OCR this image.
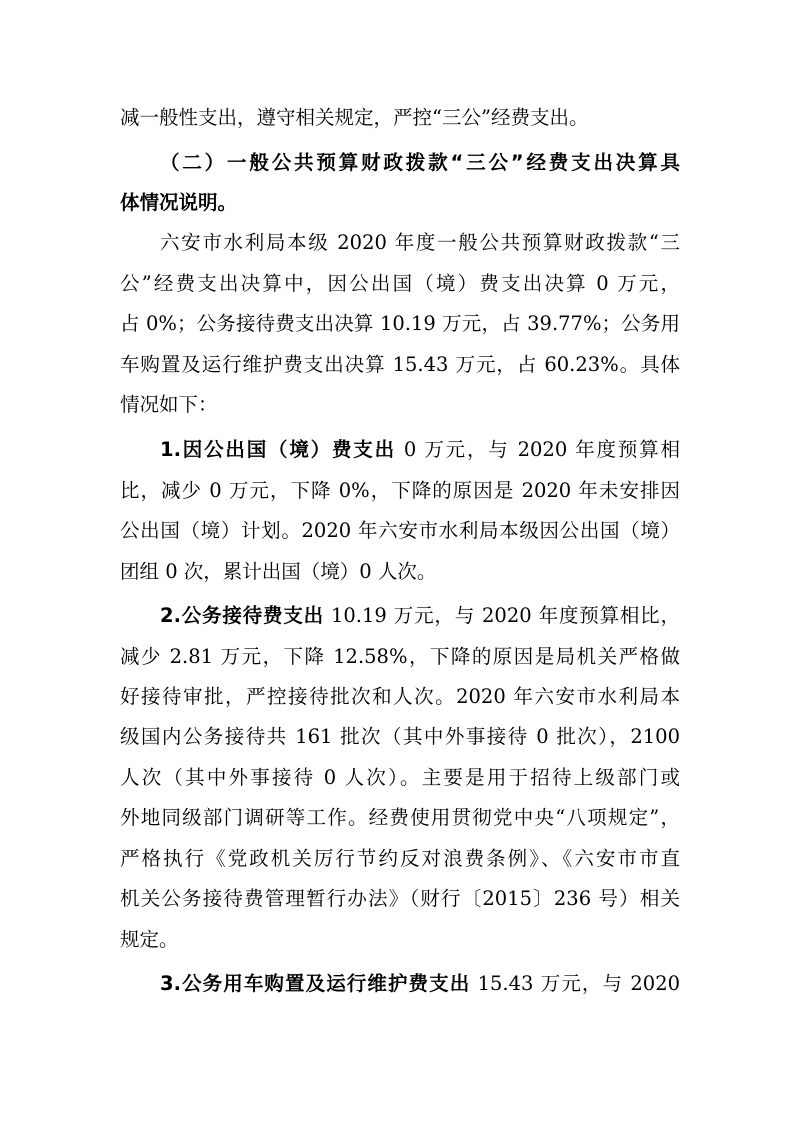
减一般性支出，遵守相关规定，严控“三公”经费支出。

（二）一般公共预算财政拨款“三公”经费支出决算具

体情况说明。

六安市水利局本级 2020 年度一般公共预算财政拨款“三

公”经费支出决算中，因公出国（境）费支出决算 0 万元，

占 0%；公务接待费支出决算 10.19 万元，占 39.77%；公务用

车购置及运行维护费支出决算 15.43 万元，占 60.23%。具体

情况如下：

1.因公出国（境）费支出 0 万元，与 2020 年度预算相

比，减少 0 万元，下降 0%，下降的原因是 2020 年未安排因

公出国（境）计划。2020 年六安市水利局本级因公出国（境）

团组 0 次，累计出国（境）0 人次。

2.公务接待费支出 10.19 万元，与 2020 年度预算相比，

减少 2.81 万元，下降 12.58%，下降的原因是局机关严格做

好接待审批，严控接待批次和人次。2020 年六安市水利局本

级国内公务接待共 161 批次（其中外事接待 0 批次），2100

人次（其中外事接待 0 人次）。主要是用于招待上级部门或

外地同级部门调研等工作。经费使用贯彻党中央“八项规定”，

严格执行《党政机关厉行节约反对浪费条例》、《六安市市直

机关公务接待费管理暂行办法》（财行〔2015〕236 号）相关

规定。

3.公务用车购置及运行维护费支出 15.43 万元，与 2020
